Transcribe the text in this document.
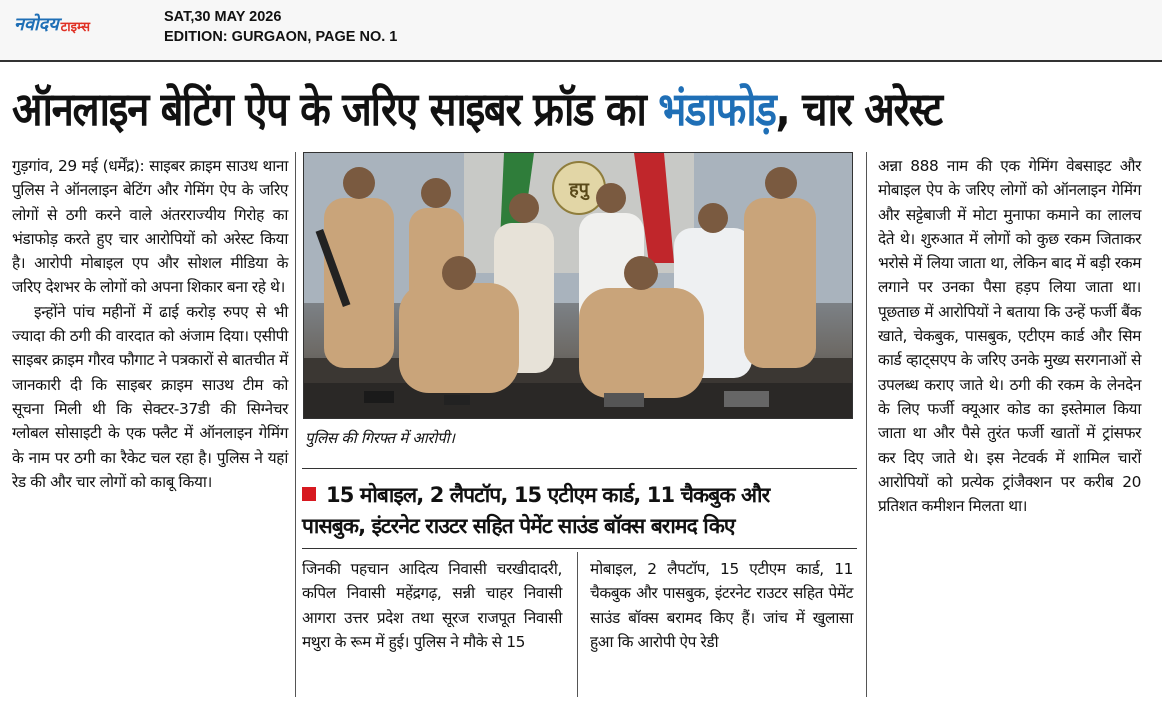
नवोदय टाइम्स
SAT,30 MAY 2026
EDITION: GURGAON, PAGE NO. 1
ऑनलाइन बेटिंग ऐप के जरिए साइबर फ्रॉड का भंडाफोड़, चार अरेस्ट

गुड़गांव, 29 मई (धर्मेंद्र): साइबर क्राइम साउथ थाना पुलिस ने ऑनलाइन बेटिंग और गेमिंग ऐप के जरिए लोगों से ठगी करने वाले अंतरराज्यीय गिरोह का भंडाफोड़ करते हुए चार आरोपियों को अरेस्ट किया है। आरोपी मोबाइल एप और सोशल मीडिया के जरिए देशभर के लोगों को अपना शिकार बना रहे थे।

इन्होंने पांच महीनों में ढाई करोड़ रुपए से भी ज्यादा की ठगी की वारदात को अंजाम दिया। एसीपी साइबर क्राइम गौरव फौगाट ने पत्रकारों से बातचीत में जानकारी दी कि साइबर क्राइम साउथ टीम को सूचना मिली थी कि सेक्टर-37डी की सिग्नेचर ग्लोबल सोसाइटी के एक फ्लैट में ऑनलाइन गेमिंग के नाम पर ठगी का रैकेट चल रहा है। पुलिस ने यहां रेड की और चार लोगों को काबू किया।

हपु
पुलिस की गिरफ्त में आरोपी।
15 मोबाइल, 2 लैपटॉप, 15 एटीएम कार्ड, 11 चैकबुक और
पासबुक, इंटरनेट राउटर सहित पेमेंट साउंड बॉक्स बरामद किए

जिनकी पहचान आदित्य निवासी चरखीदादरी, कपिल निवासी महेंद्रगढ़, सन्नी चाहर निवासी आगरा उत्तर प्रदेश तथा सूरज राजपूत निवासी मथुरा के रूम में हुई। पुलिस ने मौके से 15

मोबाइल, 2 लैपटॉप, 15 एटीएम कार्ड, 11 चैकबुक और पासबुक, इंटरनेट राउटर सहित पेमेंट साउंड बॉक्स बरामद किए हैं। जांच में खुलासा हुआ कि आरोपी ऐप रेडी

अन्ना 888 नाम की एक गेमिंग वेबसाइट और मोबाइल ऐप के जरिए लोगों को ऑनलाइन गेमिंग और सट्टेबाजी में मोटा मुनाफा कमाने का लालच देते थे। शुरुआत में लोगों को कुछ रकम जिताकर भरोसे में लिया जाता था, लेकिन बाद में बड़ी रकम लगाने पर उनका पैसा हड़प लिया जाता था। पूछताछ में आरोपियों ने बताया कि उन्हें फर्जी बैंक खाते, चेकबुक, पासबुक, एटीएम कार्ड और सिम कार्ड व्हाट्सएप के जरिए उनके मुख्य सरगनाओं से उपलब्ध कराए जाते थे। ठगी की रकम के लेनदेन के लिए फर्जी क्यूआर कोड का इस्तेमाल किया जाता था और पैसे तुरंत फर्जी खातों में ट्रांसफर कर दिए जाते थे। इस नेटवर्क में शामिल चारों आरोपियों को प्रत्येक ट्रांजैक्शन पर करीब 20 प्रतिशत कमीशन मिलता था।
